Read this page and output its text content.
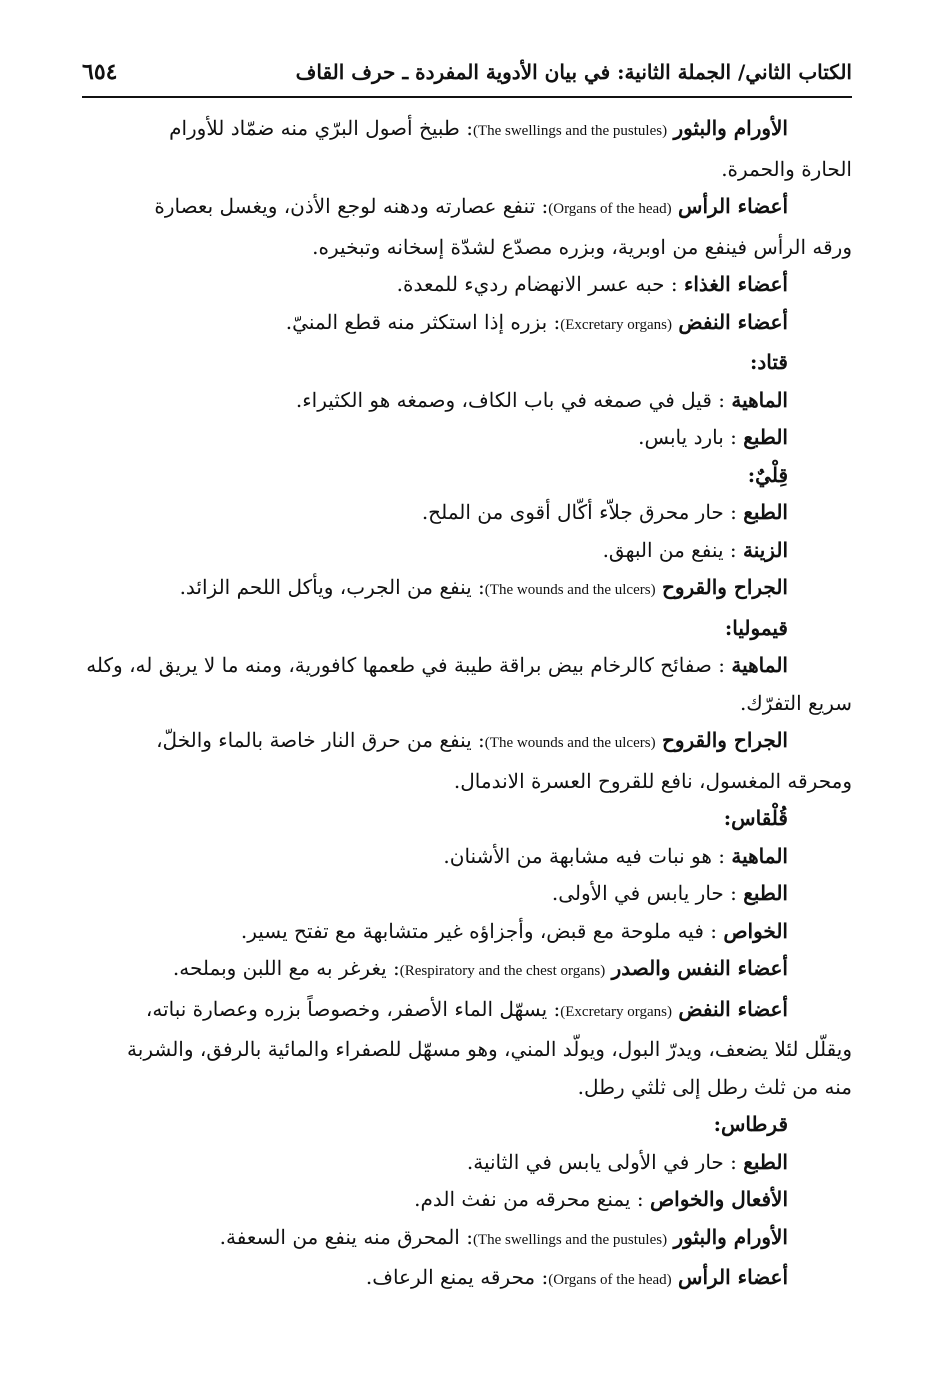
٦٥٤	الكتاب الثاني/ الجملة الثانية: في بيان الأدوية المفردة ـ حرف القاف
الأورام والبثور (The swellings and the pustules): طبيخ أصول البرّي منه ضمّاد للأورام
الحارة والحمرة.
أعضاء الرأس (Organs of the head): تنفع عصارته ودهنه لوجع الأذن، ويغسل بعصارة
ورقه الرأس فينفع من اوبرية، وبزره مصدّع لشدّة إسخانه وتبخيره.
أعضاء الغذاء : حبه عسر الانهضام رديء للمعدة.
أعضاء النفض (Excretary organs): بزره إذا استكثر منه قطع المنيّ.
قتاد:
الماهية : قيل في صمغه في باب الكاف، وصمغه هو الكثيراء.
الطبع : بارد يابس.
قِلْيٌ:
الطبع : حار محرق جلاّء أكّال أقوى من الملح.
الزينة : ينفع من البهق.
الجراح والقروح (The wounds and the ulcers): ينفع من الجرب، ويأكل اللحم الزائد.
قيموليا:
الماهية : صفائح كالرخام بيض براقة طيبة في طعمها كافورية، ومنه ما لا يريق له، وكله
سريع التفرّك.
الجراح والقروح (The wounds and the ulcers): ينفع من حرق النار خاصة بالماء والخلّ،
ومحرقه المغسول، نافع للقروح العسرة الاندمال.
قُلْقاس:
الماهية : هو نبات فيه مشابهة من الأشنان.
الطبع : حار يابس في الأولى.
الخواص : فيه ملوحة مع قبض، وأجزاؤه غير متشابهة مع تفتح يسير.
أعضاء النفس والصدر (Respiratory and the chest organs): يغرغر به مع اللبن وبملحه.
أعضاء النفض (Excretary organs): يسهّل الماء الأصفر، وخصوصاً بزره وعصارة نباته،
ويقلّل لئلا يضعف، ويدرّ البول، ويولّد المني، وهو مسهّل للصفراء والمائية بالرفق، والشربة
منه من ثلث رطل إلى ثلثي رطل.
قرطاس:
الطبع : حار في الأولى يابس في الثانية.
الأفعال والخواص : يمنع محرقه من نفث الدم.
الأورام والبثور (The swellings and the pustules): المحرق منه ينفع من السعفة.
أعضاء الرأس (Organs of the head): محرقه يمنع الرعاف.
